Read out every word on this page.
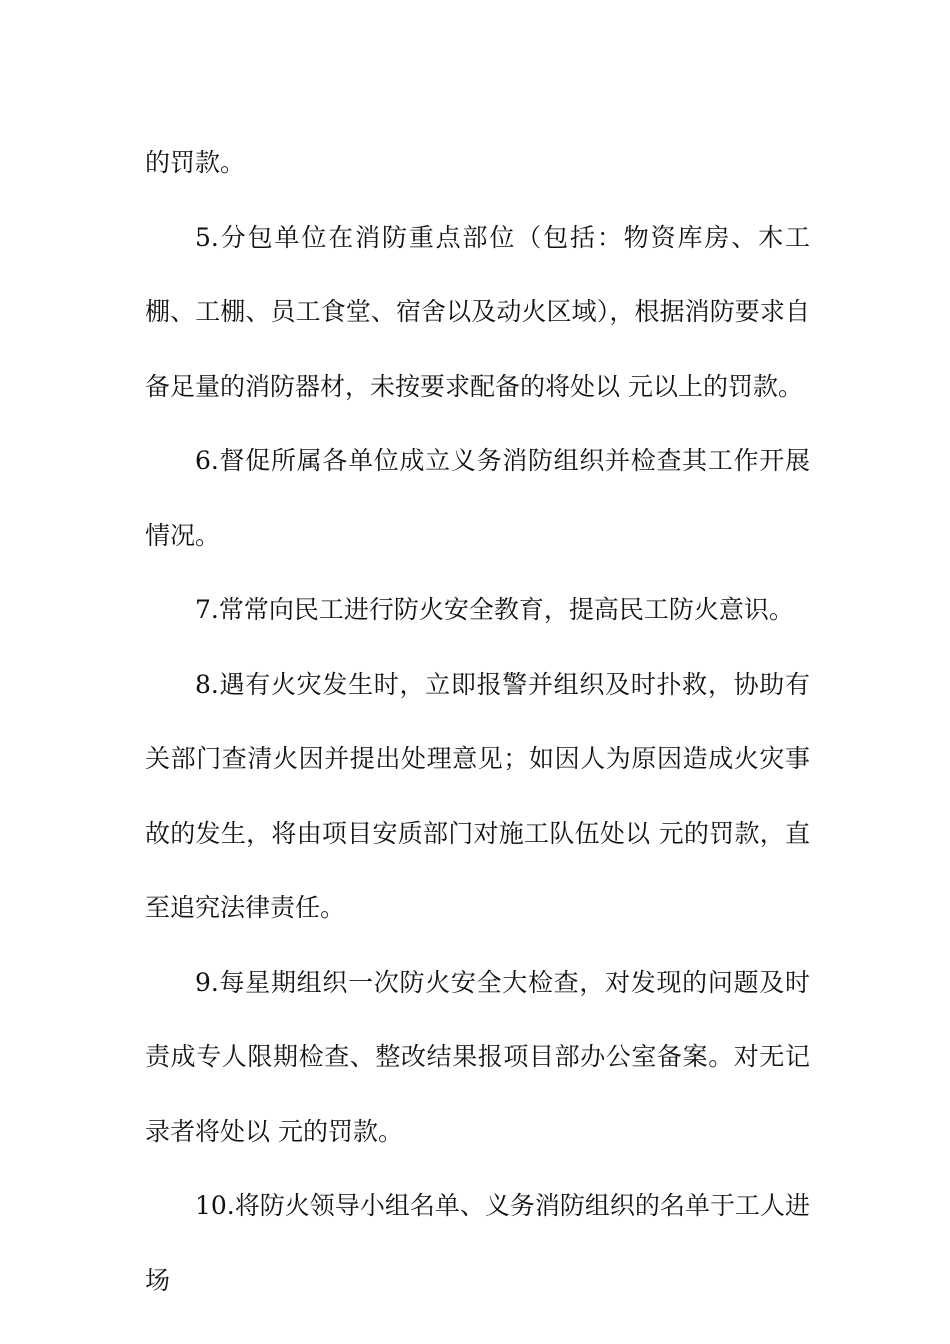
的罚款。

5.分包单位在消防重点部位（包括：物资库房、木工棚、工棚、员工食堂、宿舍以及动火区域），根据消防要求自备足量的消防器材，未按要求配备的将处以 元以上的罚款。

6.督促所属各单位成立义务消防组织并检查其工作开展情况。

7.常常向民工进行防火安全教育，提高民工防火意识。

8.遇有火灾发生时，立即报警并组织及时扑救，协助有关部门查清火因并提出处理意见；如因人为原因造成火灾事故的发生，将由项目安质部门对施工队伍处以 元的罚款，直至追究法律责任。

9.每星期组织一次防火安全大检查，对发现的问题及时责成专人限期检查、整改结果报项目部办公室备案。对无记录者将处以 元的罚款。

10.将防火领导小组名单、义务消防组织的名单于工人进场
